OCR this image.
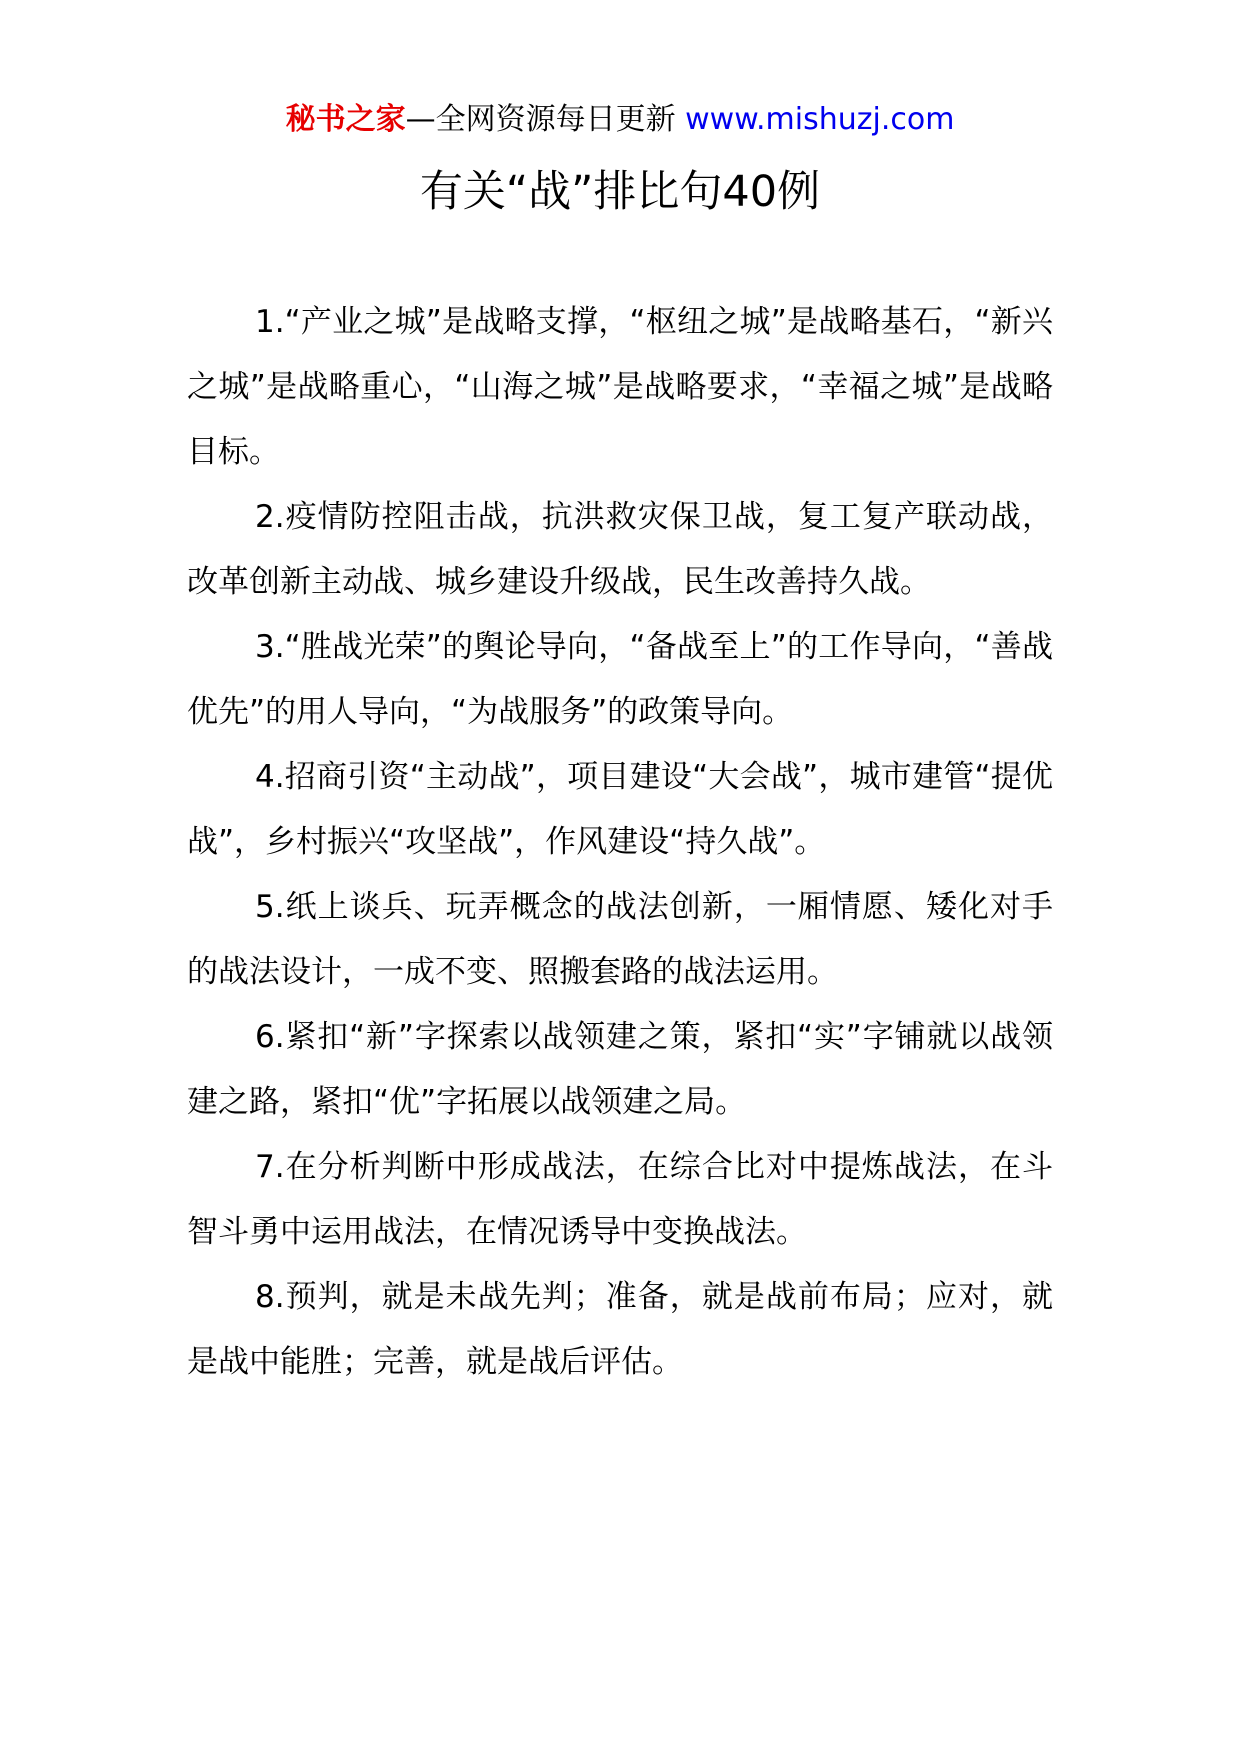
秘书之家—全网资源每日更新 www.mishuzj.com
有关“战”排比句40例

1.“产业之城”是战略支撑，“枢纽之城”是战略基石，“新兴之城”是战略重心，“山海之城”是战略要求，“幸福之城”是战略目标。

2.疫情防控阻击战，抗洪救灾保卫战，复工复产联动战，改革创新主动战、城乡建设升级战，民生改善持久战。

3.“胜战光荣”的舆论导向，“备战至上”的工作导向，“善战优先”的用人导向，“为战服务”的政策导向。

4.招商引资“主动战”，项目建设“大会战”，城市建管“提优战”，乡村振兴“攻坚战”，作风建设“持久战”。

5.纸上谈兵、玩弄概念的战法创新，一厢情愿、矮化对手的战法设计，一成不变、照搬套路的战法运用。

6.紧扣“新”字探索以战领建之策，紧扣“实”字铺就以战领建之路，紧扣“优”字拓展以战领建之局。

7.在分析判断中形成战法，在综合比对中提炼战法，在斗智斗勇中运用战法，在情况诱导中变换战法。

8.预判，就是未战先判；准备，就是战前布局；应对，就是战中能胜；完善，就是战后评估。
